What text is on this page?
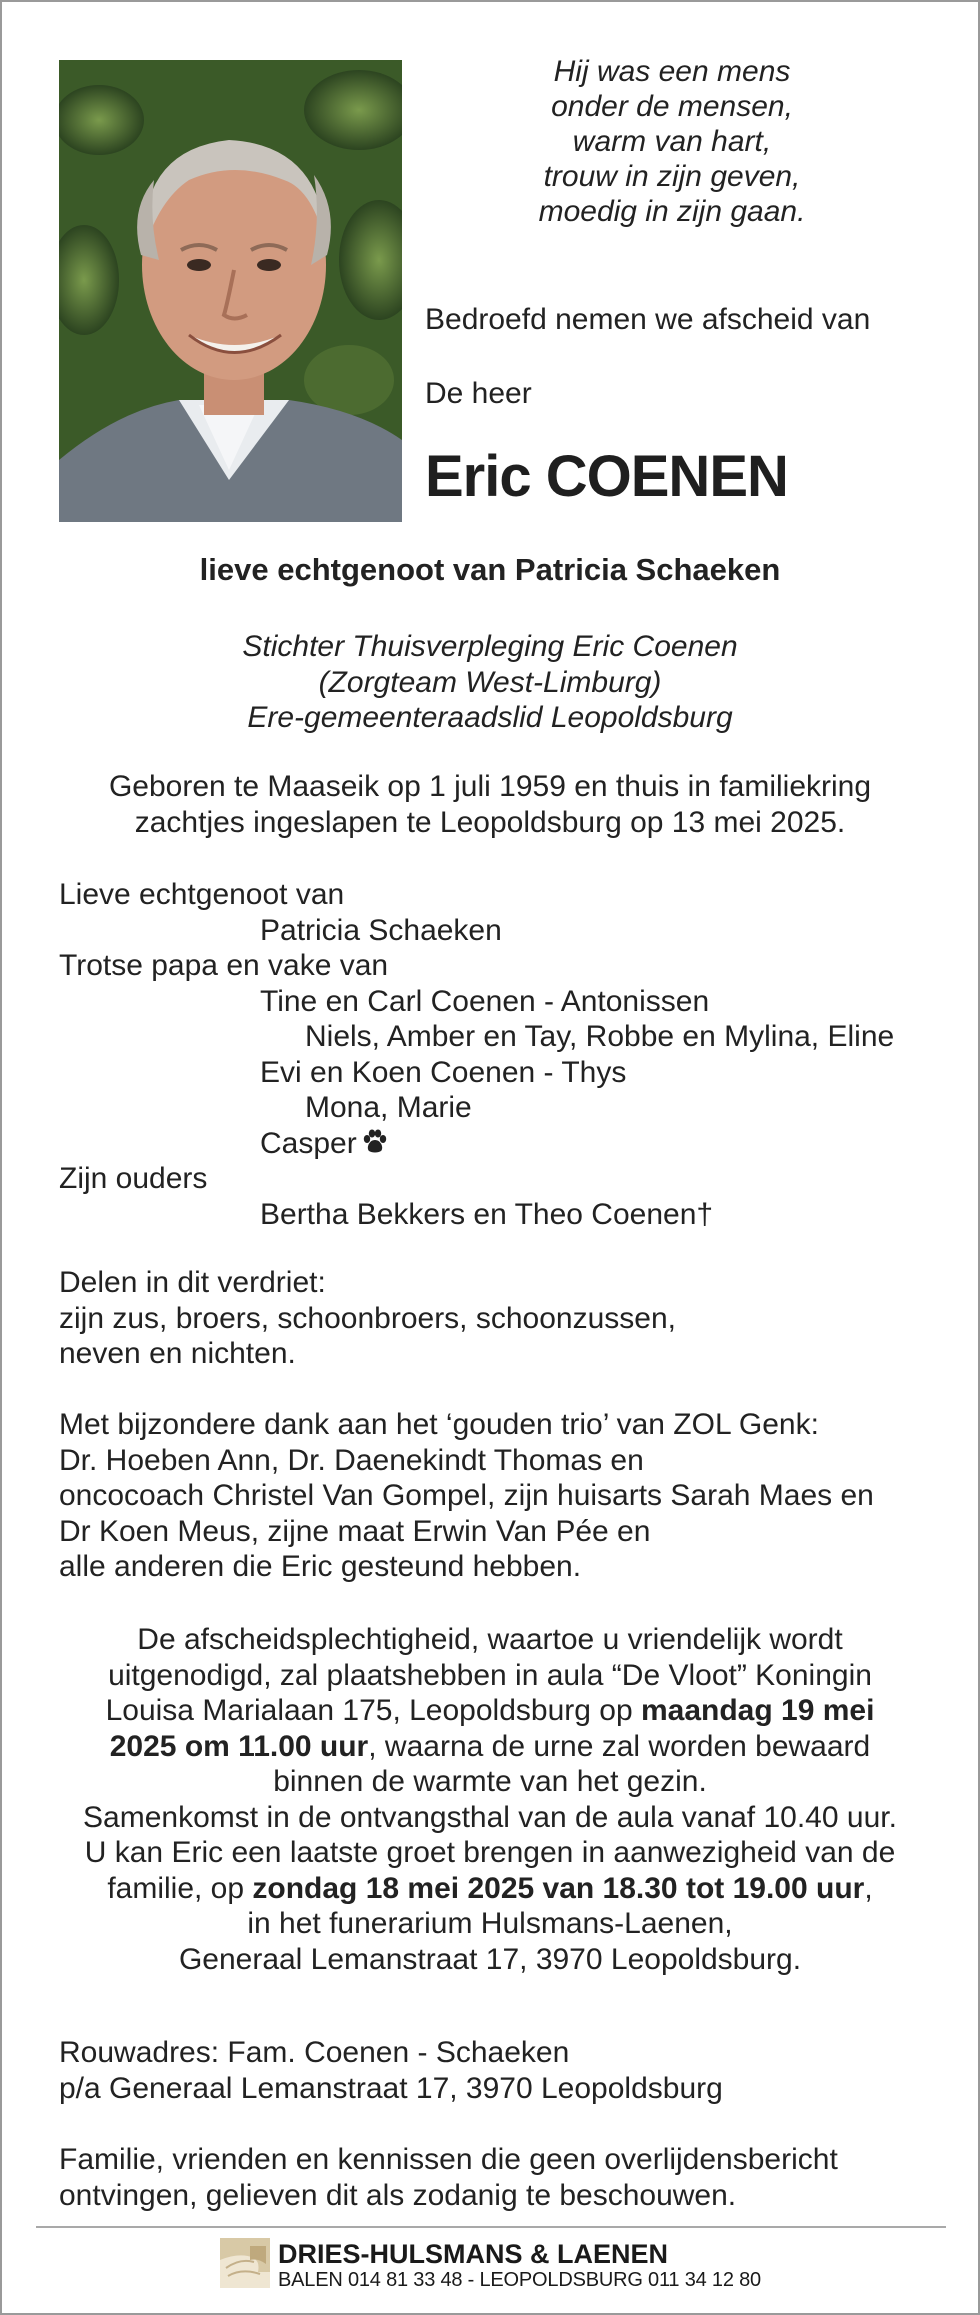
Hij was een mens
onder de mensen,
warm van hart,
trouw in zijn geven,
moedig in zijn gaan.
Bedroefd nemen we afscheid van
De heer
Eric COENEN
lieve echtgenoot van Patricia Schaeken
Stichter Thuisverpleging Eric Coenen
(Zorgteam West-Limburg)
Ere-gemeenteraadslid Leopoldsburg
Geboren te Maaseik op 1 juli 1959 en thuis in familiekring
zachtjes ingeslapen te Leopoldsburg op 13 mei 2025.
Lieve echtgenoot van
Patricia Schaeken
Trotse papa en vake van
Tine en Carl Coenen - Antonissen
Niels, Amber en Tay, Robbe en Mylina, Eline
Evi en Koen Coenen - Thys
Mona, Marie
Casper
Zijn ouders
Bertha Bekkers en Theo Coenen†
Delen in dit verdriet:
zijn zus, broers, schoonbroers, schoonzussen,
neven en nichten.
Met bijzondere dank aan het ‘gouden trio’ van ZOL Genk:
Dr. Hoeben Ann, Dr. Daenekindt Thomas en
oncocoach Christel Van Gompel, zijn huisarts Sarah Maes en
Dr Koen Meus, zijne maat Erwin Van Pée en
alle anderen die Eric gesteund hebben.
De afscheidsplechtigheid, waartoe u vriendelijk wordt
uitgenodigd, zal plaatshebben in aula “De Vloot” Koningin
Louisa Marialaan 175, Leopoldsburg op maandag 19 mei
2025 om 11.00 uur, waarna de urne zal worden bewaard
binnen de warmte van het gezin.
Samenkomst in de ontvangsthal van de aula vanaf 10.40 uur.
U kan Eric een laatste groet brengen in aanwezigheid van de
familie, op zondag 18 mei 2025 van 18.30 tot 19.00 uur,
in het funerarium Hulsmans-Laenen,
Generaal Lemanstraat 17, 3970 Leopoldsburg.
Rouwadres: Fam. Coenen - Schaeken
p/a Generaal Lemanstraat 17, 3970 Leopoldsburg
Familie, vrienden en kennissen die geen overlijdensbericht
ontvingen, gelieven dit als zodanig te beschouwen.
DRIES-HULSMANS & LAENEN
BALEN 014 81 33 48 - LEOPOLDSBURG 011 34 12 80
